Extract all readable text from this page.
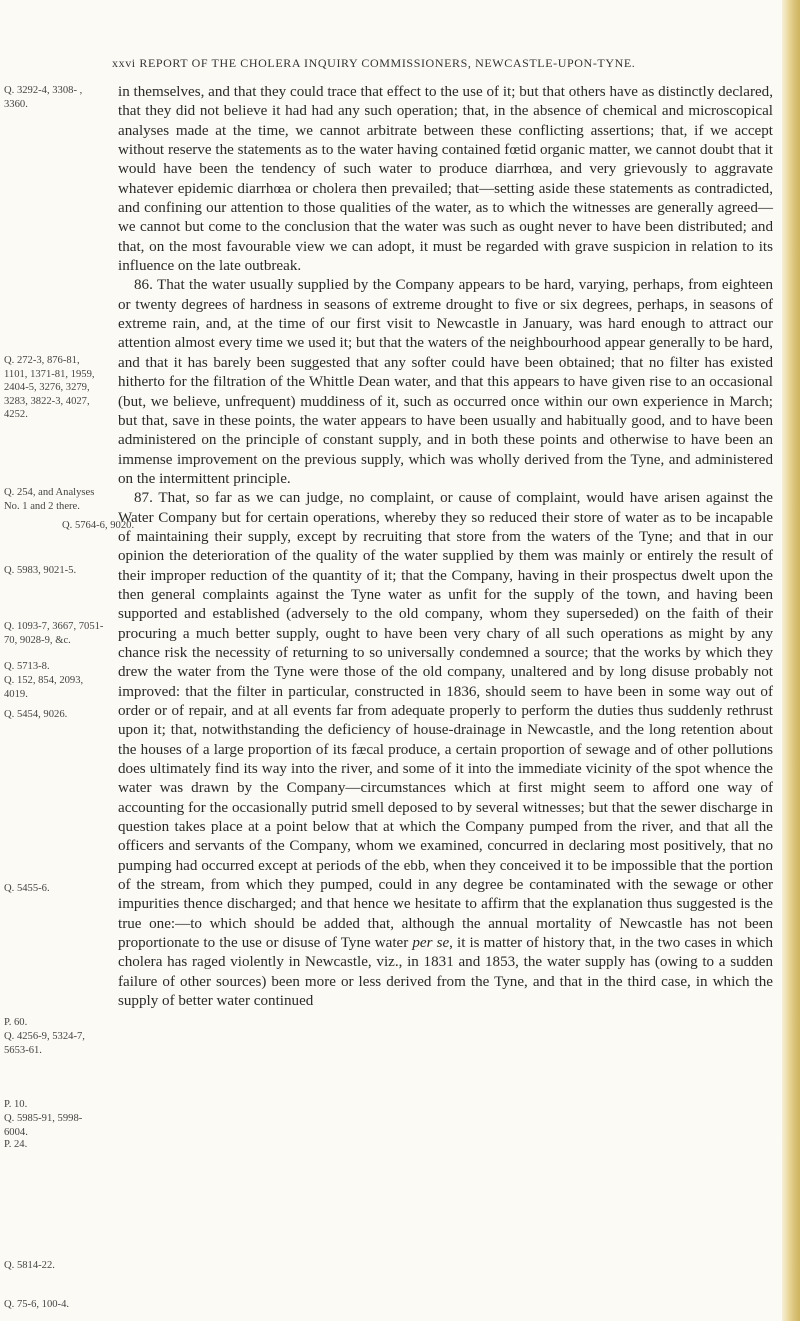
xxvi REPORT OF THE CHOLERA INQUIRY COMMISSIONERS, NEWCASTLE-UPON-TYNE.
Q. 3292-4, 3308- , 3360.
Q. 272-3, 876-81, 1101, 1371-81, 1959, 2404-5, 3276, 3279, 3283, 3822-3, 4027, 4252.
Q. 254, and Analyses No. 1 and 2 there.
Q. 5764-6, 9020.
Q. 5983, 9021-5.
Q. 1093-7, 3667, 7051-70, 9028-9, &c.
Q. 5713-8.
Q. 152, 854, 2093, 4019.
Q. 5454, 9026.
Q. 5455-6.
P. 60.
Q. 4256-9, 5324-7, 5653-61.
P. 10.
Q. 5985-91, 5998-6004.
P. 24.
Q. 5814-22.
Q. 75-6, 100-4.

in themselves, and that they could trace that effect to the use of it; but that others have as distinctly declared, that they did not believe it had had any such operation; that, in the absence of chemical and microscopical analyses made at the time, we cannot arbitrate between these conflicting assertions; that, if we accept without reserve the statements as to the water having contained fœtid organic matter, we cannot doubt that it would have been the tendency of such water to produce diarrhœa, and very grievously to aggravate whatever epidemic diarrhœa or cholera then prevailed; that—setting aside these statements as contradicted, and confining our attention to those qualities of the water, as to which the witnesses are generally agreed—we cannot but come to the conclusion that the water was such as ought never to have been distributed; and that, on the most favourable view we can adopt, it must be regarded with grave suspicion in relation to its influence on the late outbreak.

86. That the water usually supplied by the Company appears to be hard, varying, perhaps, from eighteen or twenty degrees of hardness in seasons of extreme drought to five or six degrees, perhaps, in seasons of extreme rain, and, at the time of our first visit to Newcastle in January, was hard enough to attract our attention almost every time we used it; but that the waters of the neighbourhood appear generally to be hard, and that it has barely been suggested that any softer could have been obtained; that no filter has existed hitherto for the filtration of the Whittle Dean water, and that this appears to have given rise to an occasional (but, we believe, unfrequent) muddiness of it, such as occurred once within our own experience in March; but that, save in these points, the water appears to have been usually and habitually good, and to have been administered on the principle of constant supply, and in both these points and otherwise to have been an immense improvement on the previous supply, which was wholly derived from the Tyne, and administered on the intermittent principle.

87. That, so far as we can judge, no complaint, or cause of complaint, would have arisen against the Water Company but for certain operations, whereby they so reduced their store of water as to be incapable of maintaining their supply, except by recruiting that store from the waters of the Tyne; and that in our opinion the deterioration of the quality of the water supplied by them was mainly or entirely the result of their improper reduction of the quantity of it; that the Company, having in their prospectus dwelt upon the then general complaints against the Tyne water as unfit for the supply of the town, and having been supported and established (adversely to the old company, whom they superseded) on the faith of their procuring a much better supply, ought to have been very chary of all such operations as might by any chance risk the necessity of returning to so universally condemned a source; that the works by which they drew the water from the Tyne were those of the old company, unaltered and by long disuse probably not improved: that the filter in particular, constructed in 1836, should seem to have been in some way out of order or of repair, and at all events far from adequate properly to perform the duties thus suddenly rethrust upon it; that, notwithstanding the deficiency of house-drainage in Newcastle, and the long retention about the houses of a large proportion of its fæcal produce, a certain proportion of sewage and of other pollutions does ultimately find its way into the river, and some of it into the immediate vicinity of the spot whence the water was drawn by the Company—circumstances which at first might seem to afford one way of accounting for the occasionally putrid smell deposed to by several witnesses; but that the sewer discharge in question takes place at a point below that at which the Company pumped from the river, and that all the officers and servants of the Company, whom we examined, concurred in declaring most positively, that no pumping had occurred except at periods of the ebb, when they conceived it to be impossible that the portion of the stream, from which they pumped, could in any degree be contaminated with the sewage or other impurities thence discharged; and that hence we hesitate to affirm that the explanation thus suggested is the true one:—to which should be added that, although the annual mortality of Newcastle has not been proportionate to the use or disuse of Tyne water per se, it is matter of history that, in the two cases in which cholera has raged violently in Newcastle, viz., in 1831 and 1853, the water supply has (owing to a sudden failure of other sources) been more or less derived from the Tyne, and that in the third case, in which the supply of better water continued
